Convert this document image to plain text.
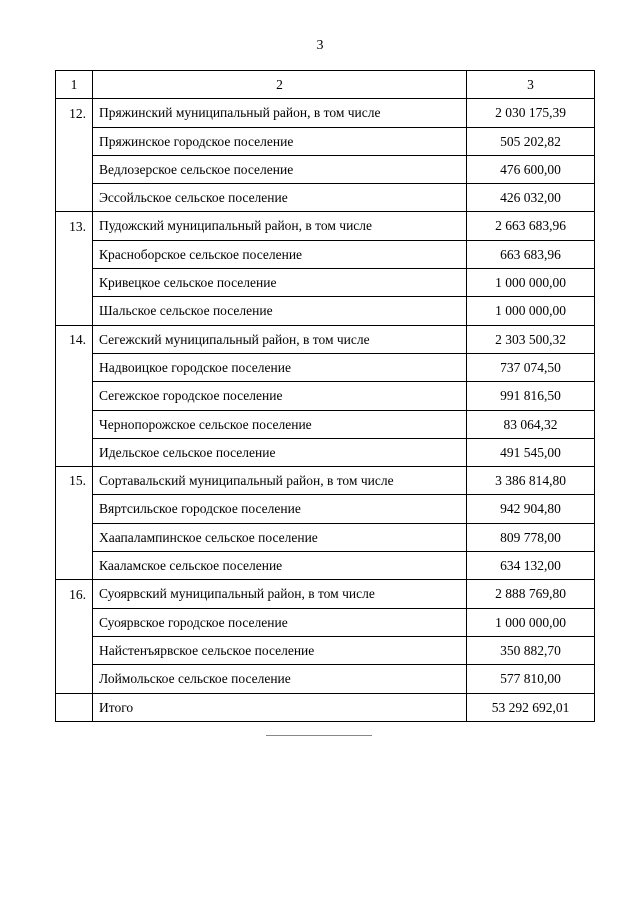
3
1	2	3
12.	Пряжинский муниципальный район, в том числе	2 030 175,39
	Пряжинское городское поселение	505 202,82
	Ведлозерское сельское поселение	476 600,00
	Эссойльское сельское поселение	426 032,00
13.	Пудожский муниципальный район, в том числе	2 663 683,96
	Красноборское сельское поселение	663 683,96
	Кривецкое сельское поселение	1 000 000,00
	Шальское сельское поселение	1 000 000,00
14.	Сегежский муниципальный район, в том числе	2 303 500,32
	Надвоицкое городское поселение	737 074,50
	Сегежское городское поселение	991 816,50
	Чернопорожское сельское поселение	83 064,32
	Идельское сельское поселение	491 545,00
15.	Сортавальский муниципальный район, в том числе	3 386 814,80
	Вяртсильское городское поселение	942 904,80
	Хаапалампинское сельское поселение	809 778,00
	Кааламское сельское поселение	634 132,00
16.	Суоярвский муниципальный район, в том числе	2 888 769,80
	Суоярвское городское поселение	1 000 000,00
	Найстенъярвское сельское поселение	350 882,70
	Лоймольское сельское поселение	577 810,00
	Итого	53 292 692,01
